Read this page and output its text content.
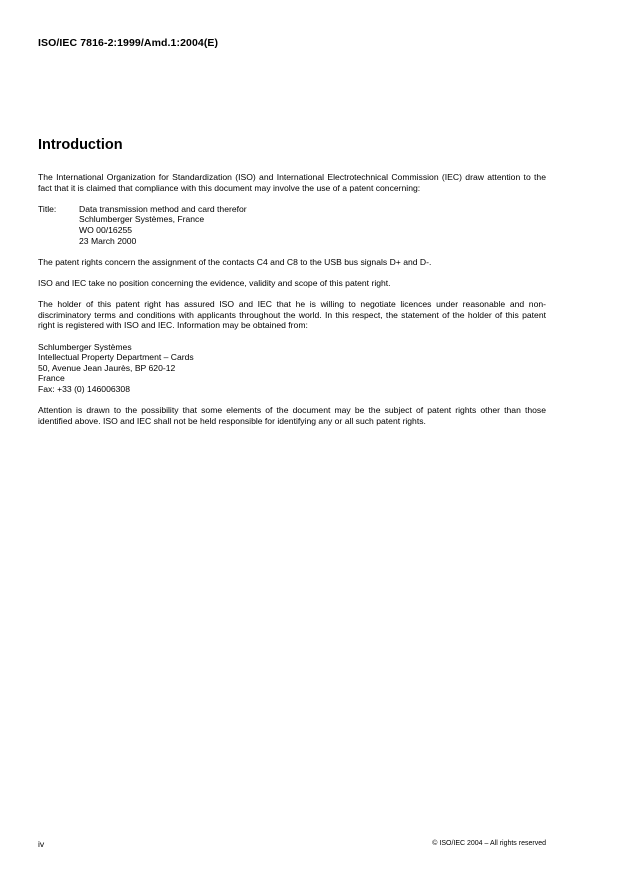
ISO/IEC 7816-2:1999/Amd.1:2004(E)
Introduction

The International Organization for Standardization (ISO) and International Electrotechnical Commission (IEC) draw attention to the fact that it is claimed that compliance with this document may involve the use of a patent concerning:

Title:	Data transmission method and card therefor
Schlumberger Systèmes, France
WO 00/16255
23 March 2000

The patent rights concern the assignment of the contacts C4 and C8 to the USB bus signals D+ and D-.

ISO and IEC take no position concerning the evidence, validity and scope of this patent right.

The holder of this patent right has assured ISO and IEC that he is willing to negotiate licences under reasonable and non-discriminatory terms and conditions with applicants throughout the world. In this respect, the statement of the holder of this patent right is registered with ISO and IEC. Information may be obtained from:

Schlumberger Systèmes
Intellectual Property Department – Cards
50, Avenue Jean Jaurès, BP 620-12
France
Fax: +33 (0) 146006308

Attention is drawn to the possibility that some elements of the document may be the subject of patent rights other than those identified above. ISO and IEC shall not be held responsible for identifying any or all such patent rights.

iv	© ISO/IEC 2004 – All rights reserved
